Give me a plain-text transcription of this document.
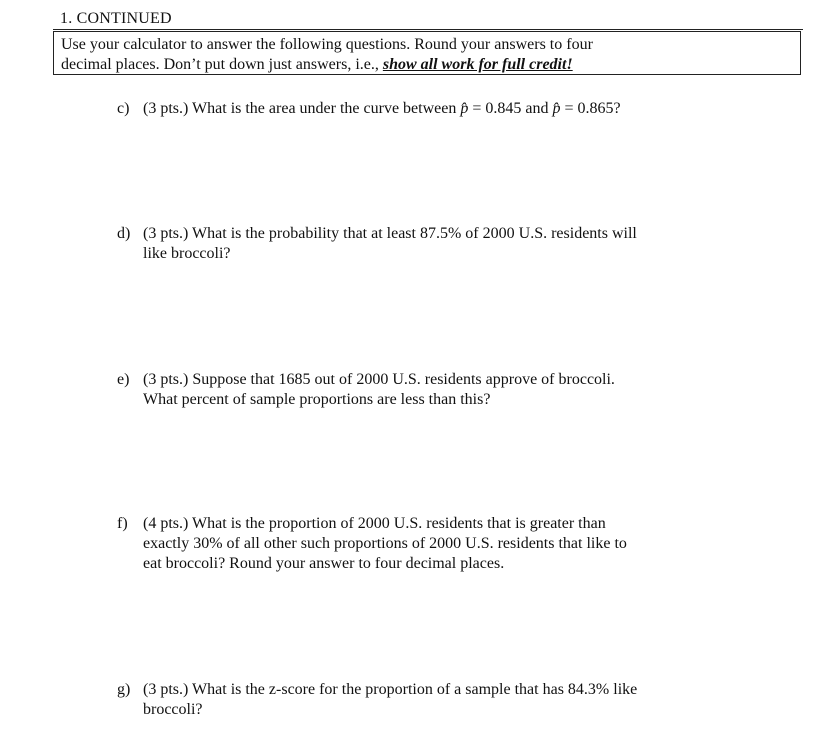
1. CONTINUED
Use your calculator to answer the following questions. Round your answers to four
decimal places. Don’t put down just answers, i.e., show all work for full credit!
c) (3 pts.) What is the area under the curve between p̂ = 0.845 and p̂ = 0.865?
d) (3 pts.) What is the probability that at least 87.5% of 2000 U.S. residents will
like broccoli?
e) (3 pts.) Suppose that 1685 out of 2000 U.S. residents approve of broccoli.
What percent of sample proportions are less than this?
f) (4 pts.) What is the proportion of 2000 U.S. residents that is greater than
exactly 30% of all other such proportions of 2000 U.S. residents that like to
eat broccoli? Round your answer to four decimal places.
g) (3 pts.) What is the z-score for the proportion of a sample that has 84.3% like
broccoli?
